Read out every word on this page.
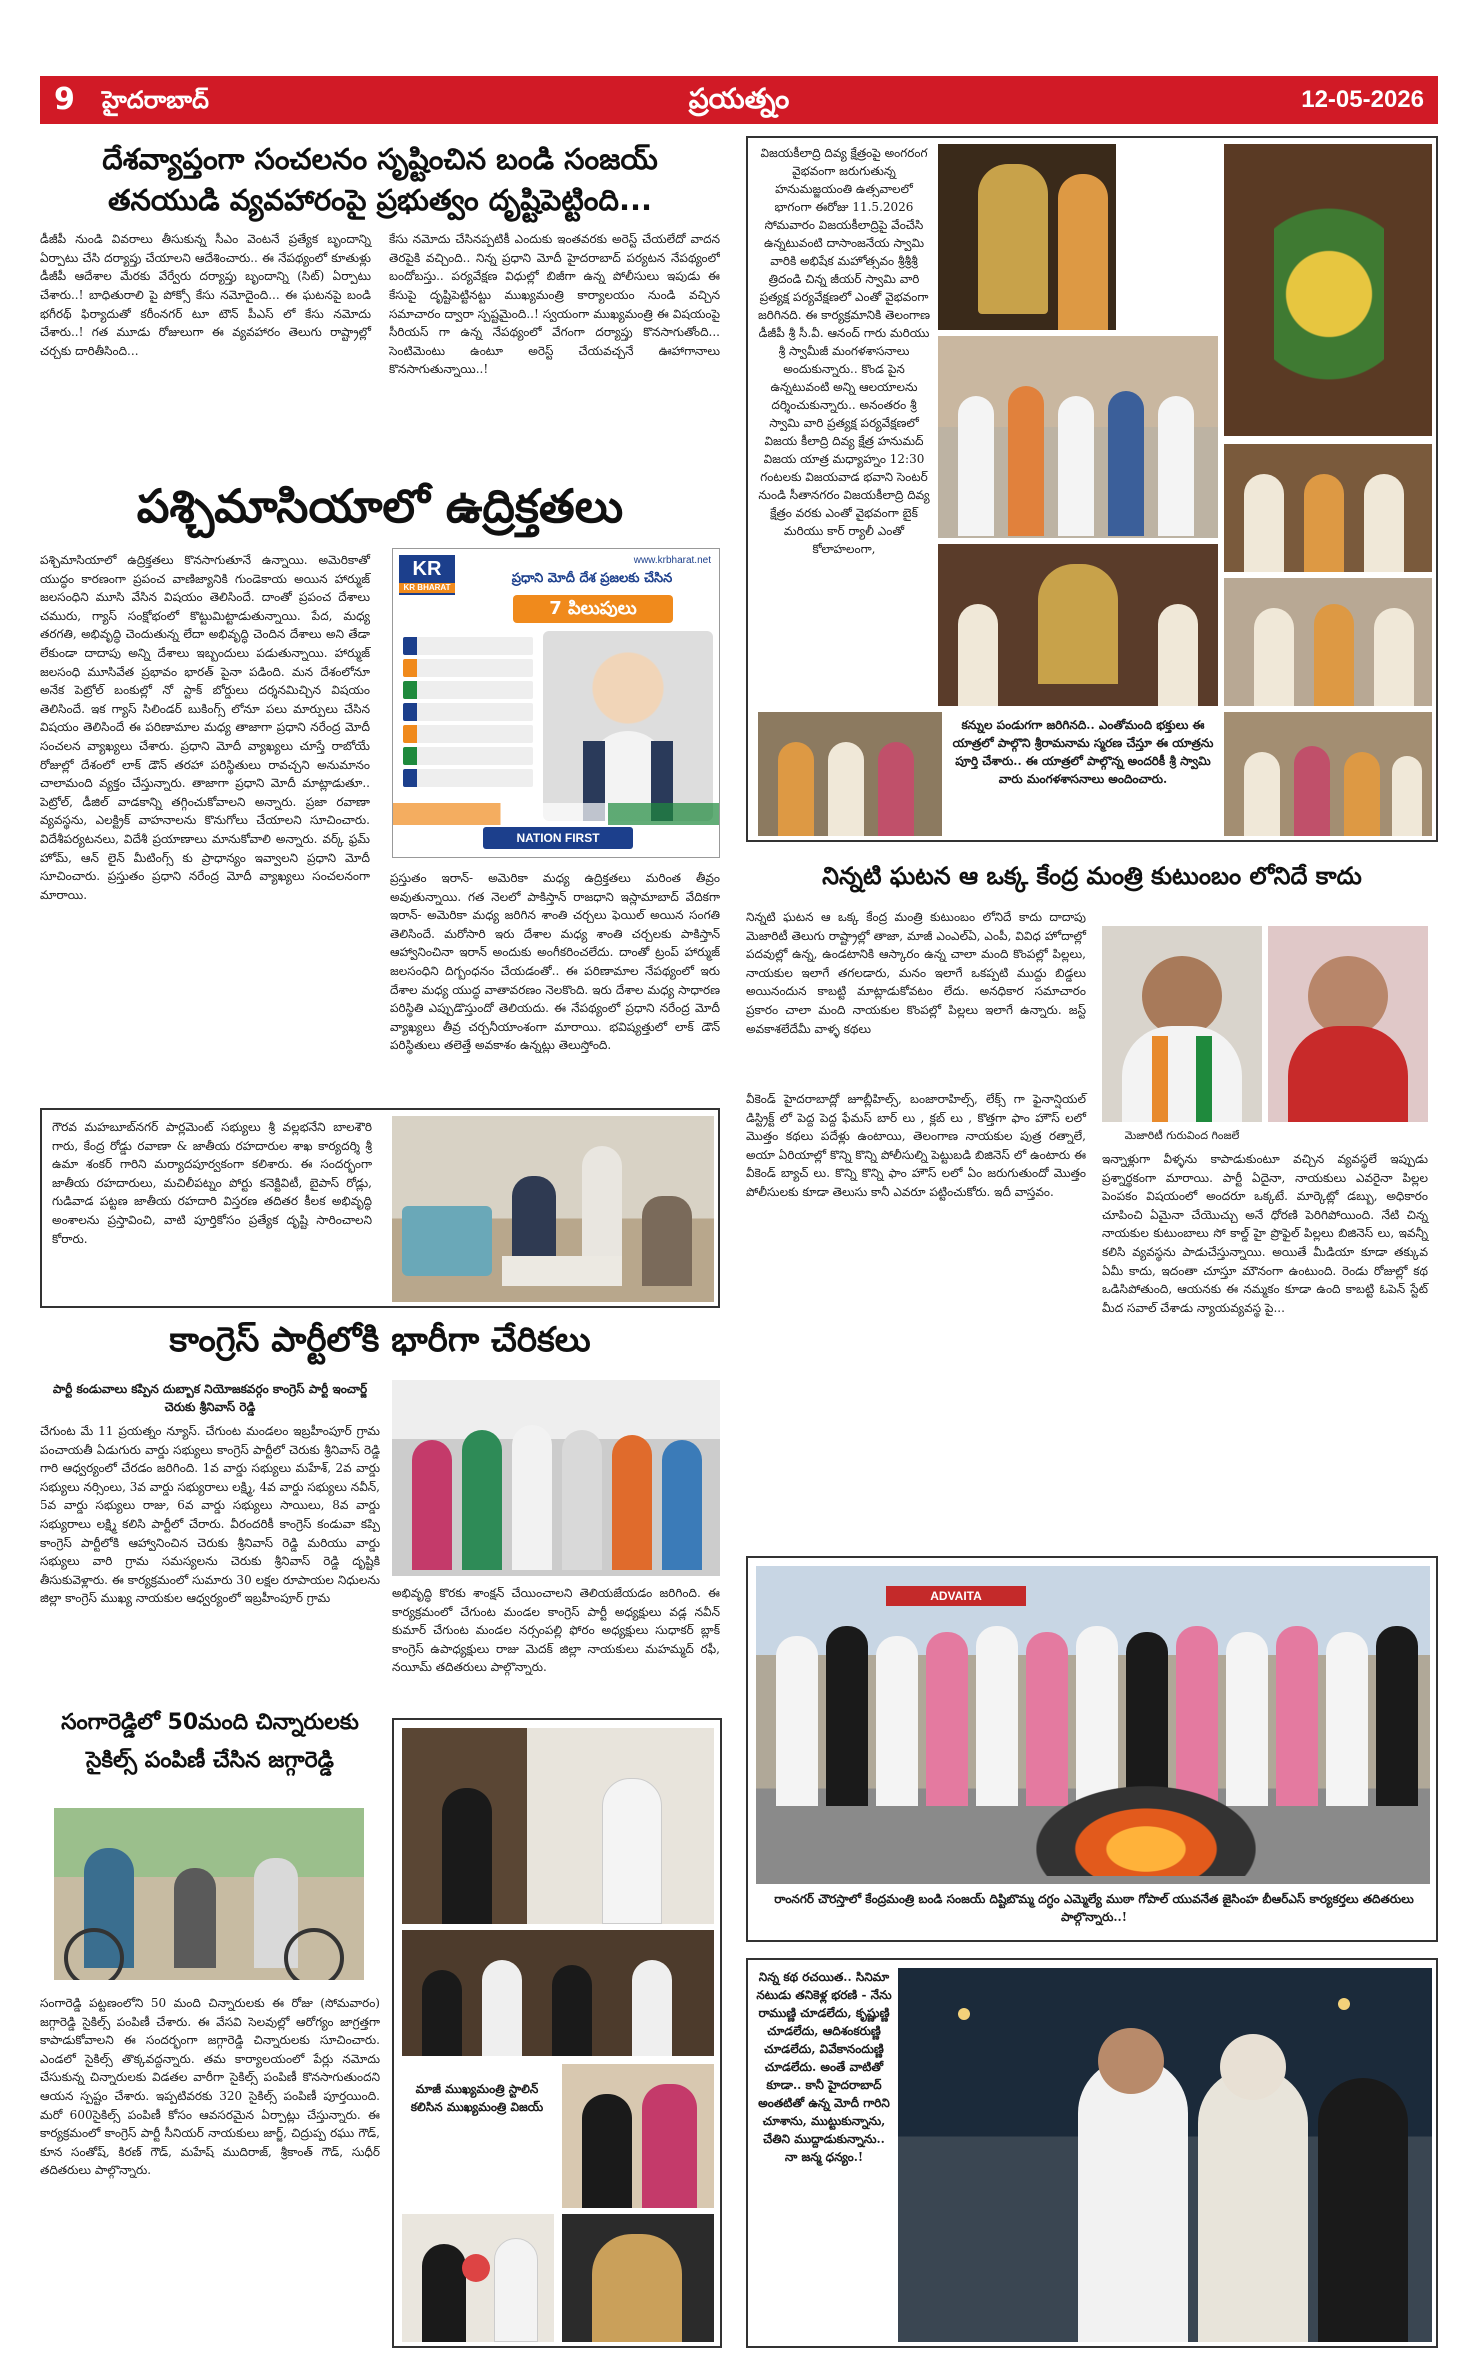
9 హైదరాబాద్	ప్రయత్నం	12-05-2026
దేశవ్యాప్తంగా సంచలనం సృష్టించిన బండి సంజయ్
తనయుడి వ్యవహారంపై ప్రభుత్వం దృష్టిపెట్టింది...
డీజీపీ నుండి వివరాలు తీసుకున్న సీఎం వెంటనే ప్రత్యేక బృందాన్ని ఏర్పాటు చేసి దర్యాప్తు చేయాలని ఆదేశించారు.. ఈ నేపథ్యంలో కూతుళ్లు డీజీపీ ఆదేశాల మేరకు వేర్వేరు దర్యాప్తు బృందాన్ని (సిట్) ఏర్పాటు చేశారు..! బాధితురాలి పై పోక్సో కేసు నమోదైంది... ఈ ఘటనపై బండి భగీరథ్ ఫిర్యాదుతో కరీంనగర్ టూ టౌన్ పీఎస్ లో కేసు నమోదు చేశారు..! గత మూడు రోజులుగా ఈ వ్యవహారం తెలుగు రాష్ట్రాల్లో చర్చకు దారితీసింది...
కేసు నమోదు చేసినప్పటికీ ఎందుకు ఇంతవరకు అరెస్ట్ చేయలేదో వాదన తెరపైకి వచ్చింది.. నిన్న ప్రధాని మోదీ హైదరాబాద్ పర్యటన నేపథ్యంలో బందోబస్తు.. పర్యవేక్షణ విధుల్లో బిజీగా ఉన్న పోలీసులు ఇపుడు ఈ కేసుపై దృష్టిపెట్టినట్టు ముఖ్యమంత్రి కార్యాలయం నుండి వచ్చిన సమాచారం ద్వారా స్పష్టమైంది..! స్వయంగా ముఖ్యమంత్రి ఈ విషయంపై సీరియస్ గా ఉన్న నేపథ్యంలో వేగంగా దర్యాప్తు కొనసాగుతోంది... సెంటిమెంటు ఉంటూ అరెస్ట్ చేయవచ్చనే ఊహాగానాలు కొనసాగుతున్నాయి..!
పశ్చిమాసియాలో ఉద్రిక్తతలు
పశ్చిమాసియాలో ఉద్రిక్తతలు కొనసాగుతూనే ఉన్నాయి. అమెరికాతో యుద్ధం కారణంగా ప్రపంచ వాణిజ్యానికి గుండెకాయ అయిన హార్ముజ్ జలసంధిని మూసి వేసిన విషయం తెలిసిందే. దాంతో ప్రపంచ దేశాలు చమురు, గ్యాస్ సంక్షోభంలో కొట్టుమిట్టాడుతున్నాయి. పేద, మధ్య తరగతి, అభివృద్ధి చెందుతున్న లేదా అభివృద్ధి చెందిన దేశాలు అని తేడా లేకుండా దాదాపు అన్ని దేశాలు ఇబ్బందులు పడుతున్నాయి. హార్ముజ్ జలసంధి మూసివేత ప్రభావం భారత్ పైనా పడింది. మన దేశంలోనూ అనేక పెట్రోల్ బంకుల్లో నో స్టాక్ బోర్డులు దర్శనమిచ్చిన విషయం తెలిసిందే. ఇక గ్యాస్ సిలిండర్ బుకింగ్స్ లోనూ పలు మార్పులు చేసిన విషయం తెలిసిందే ఈ పరిణామాల మధ్య తాజాగా ప్రధాని నరేంద్ర మోదీ సంచలన వ్యాఖ్యలు చేశారు. ప్రధాని మోదీ వ్యాఖ్యలు చూస్తే రాబోయే రోజుల్లో దేశంలో లాక్ డౌన్ తరహా పరిస్థితులు రావచ్చని అనుమానం చాలామంది వ్యక్తం చేస్తున్నారు. తాజాగా ప్రధాని మోదీ మాట్లాడుతూ.. పెట్రోల్, డీజిల్ వాడకాన్ని తగ్గించుకోవాలని అన్నారు. ప్రజా రవాణా వ్యవస్థను, ఎలక్ట్రిక్ వాహనాలను కొనుగోలు చేయాలని సూచించారు. విదేశీపర్యటనలు, విదేశీ ప్రయాణాలు మానుకోవాలి అన్నారు. వర్క్ ఫ్రమ్ హోమ్, ఆన్ లైన్ మీటింగ్స్ కు ప్రాధాన్యం ఇవ్వాలని ప్రధాని మోదీ సూచించారు. ప్రస్తుతం ప్రధాని నరేంద్ర మోదీ వ్యాఖ్యలు సంచలనంగా మారాయి.
ప్రస్తుతం ఇరాన్- అమెరికా మధ్య ఉద్రిక్తతలు మరింత తీవ్రం అవుతున్నాయి. గత నెలలో పాకిస్తాన్ రాజధాని ఇస్లామాబాద్ వేదికగా ఇరాన్- అమెరికా మధ్య జరిగిన శాంతి చర్చలు ఫెయిల్ అయిన సంగతి తెలిసిందే. మరోసారి ఇరు దేశాల మధ్య శాంతి చర్చలకు పాకిస్తాన్ ఆహ్వానించినా ఇరాన్ అందుకు అంగీకరించలేదు. దాంతో ట్రంప్ హార్ముజ్ జలసంధిని దిగ్బంధనం చేయడంతో.. ఈ పరిణామాల నేపథ్యంలో ఇరు దేశాల మధ్య యుద్ధ వాతావరణం నెలకొంది. ఇరు దేశాల మధ్య సాధారణ పరిస్థితి ఎప్పుడొస్తుందో తెలియదు. ఈ నేపథ్యంలో ప్రధాని నరేంద్ర మోదీ వ్యాఖ్యలు తీవ్ర చర్చనీయాంశంగా మారాయి. భవిష్యత్తులో లాక్ డౌన్ పరిస్థితులు తలెత్తే అవకాశం ఉన్నట్లు తెలుస్తోంది.
KR
KR BHARAT
www.krbharat.net
ప్రధాని మోదీ దేశ ప్రజలకు చేసిన
7 పిలుపులు
NATION FIRST
గౌరవ మహబూబ్‌నగర్ పార్లమెంట్ సభ్యులు శ్రీ వల్లభనేని బాలశౌరి గారు, కేంద్ర రోడ్డు రవాణా & జాతీయ రహదారుల శాఖ కార్యదర్శి శ్రీ ఉమా శంకర్ గారిని మర్యాదపూర్వకంగా కలిశారు. ఈ సందర్భంగా జాతీయ రహదారులు, మచిలీపట్నం పోర్టు కనెక్టివిటీ, బైపాస్ రోడ్లు, గుడివాడ పట్టణ జాతీయ రహదారి విస్తరణ తదితర కీలక అభివృద్ధి అంశాలను ప్రస్తావించి, వాటి పూర్తికోసం ప్రత్యేక దృష్టి సారించాలని కోరారు.
కాంగ్రెస్ పార్టీలోకి భారీగా చేరికలు
పార్టీ కండువాలు కప్పిన దుబ్బాక నియోజకవర్గం కాంగ్రెస్ పార్టీ ఇంచార్జ్ చెరుకు శ్రీనివాస్ రెడ్డి
చేగుంట మే 11 ప్రయత్నం న్యూస్. చేగుంట మండలం ఇబ్రహీంపూర్ గ్రామ పంచాయతీ ఏడుగురు వార్డు సభ్యులు కాంగ్రెస్ పార్టీలో చెరుకు శ్రీనివాస్ రెడ్డి గారి ఆధ్వర్యంలో చేరడం జరిగింది. 1వ వార్డు సభ్యులు మహేశ్, 2వ వార్డు సభ్యులు నర్సింలు, 3వ వార్డు సభ్యురాలు లక్ష్మి, 4వ వార్డు సభ్యులు నవీన్, 5వ వార్డు సభ్యులు రాజు, 6వ వార్డు సభ్యులు సాయిలు, 8వ వార్డు సభ్యురాలు లక్ష్మి కలిసి పార్టీలో చేరారు. వీరందరికీ కాంగ్రెస్ కండువా కప్పి కాంగ్రెస్ పార్టీలోకి ఆహ్వానించిన చెరుకు శ్రీనివాస్ రెడ్డి మరియు వార్డు సభ్యులు వారి గ్రామ సమస్యలను చెరుకు శ్రీనివాస్ రెడ్డి దృష్టికి తీసుకువెళ్లారు. ఈ కార్యక్రమంలో సుమారు 30 లక్షల రూపాయల నిధులను జిల్లా కాంగ్రెస్ ముఖ్య నాయకుల ఆధ్వర్యంలో ఇబ్రహీంపూర్ గ్రామ	అభివృద్ధి కొరకు శాంక్షన్ చేయించాలని తెలియజేయడం జరిగింది. ఈ కార్యక్రమంలో చేగుంట మండల కాంగ్రెస్ పార్టీ అధ్యక్షులు వడ్ల నవీన్ కుమార్ చేగుంట మండల నర్సంపల్లి ఫోరం అధ్యక్షులు సుధాకర్ బ్లాక్ కాంగ్రెస్ ఉపాధ్యక్షులు రాజు మెదక్ జిల్లా నాయకులు మహమ్మద్ రఫీ, నయీమ్ తదితరులు పాల్గొన్నారు.
సంగారెడ్డిలో 50మంది చిన్నారులకు
సైకిల్స్ పంపిణీ చేసిన జగ్గారెడ్డి
సంగారెడ్డి పట్టణంలోని 50 మంది చిన్నారులకు ఈ రోజు (సోమవారం) జగ్గారెడ్డి సైకిల్స్ పంపిణీ చేశారు. ఈ వేసవి సెలవుల్లో ఆరోగ్యం జాగ్రత్తగా కాపాడుకోవాలని ఈ సందర్భంగా జగ్గారెడ్డి చిన్నారులకు సూచించారు. ఎండలో సైకిల్స్ తొక్కవద్దన్నారు. తమ కార్యాలయంలో పేర్లు నమోదు చేసుకున్న చిన్నారులకు విడతల వారీగా సైకిల్స్ పంపిణీ కొనసాగుతుందని ఆయన స్పష్టం చేశారు. ఇప్పటివరకు 320 సైకిల్స్ పంపిణీ పూర్తయింది. మరో 600సైకిల్స్ పంపిణీ కోసం ఆవసరమైన ఏర్పాట్లు చేస్తున్నారు. ఈ కార్యక్రమంలో కాంగ్రెస్ పార్టీ సీనియర్ నాయకులు జార్జ్, చిద్రుప్ప రఘు గౌడ్, కూన సంతోష్, కిరణ్ గౌడ్, మహేష్ ముదిరాజ్, శ్రీకాంత్ గౌడ్, సుధీర్ తదితరులు పాల్గొన్నారు.
మాజీ ముఖ్యమంత్రి స్టాలిన్ కలిసిన ముఖ్యమంత్రి విజయ్
విజయకీలాద్రి దివ్య క్షేత్రంపై అంగరంగ వైభవంగా జరుగుతున్న హనుమజ్జయంతి ఉత్సవాలలో భాగంగా ఈరోజు 11.5.2026 సోమవారం విజయకీలాద్రిపై వేంచేసి ఉన్నటువంటి దాసాంజనేయ స్వామి వారికి అభిషేక మహోత్సవం శ్రీశ్రీశ్రీ త్రిదండి చిన్న జీయర్ స్వామి వారి ప్రత్యక్ష పర్యవేక్షణలో ఎంతో వైభవంగా జరిగినది. ఈ కార్యక్రమానికి తెలంగాణ డీజీపీ శ్రీ సీ.వీ. ఆనంద్ గారు మరియు శ్రీ స్వామీజీ మంగళశాసనాలు అందుకున్నారు.. కొండ పైన ఉన్నటువంటి అన్ని ఆలయాలను దర్శించుకున్నారు.. అనంతరం శ్రీ స్వామి వారి ప్రత్యక్ష పర్యవేక్షణలో విజయ కీలాద్రి దివ్య క్షేత్ర హనుమద్ విజయ యాత్ర మధ్యాహ్నం 12:30 గంటలకు విజయవాడ భవాని సెంటర్ నుండి సీతానగరం విజయకీలాద్రి దివ్య క్షేత్రం వరకు ఎంతో వైభవంగా బైక్ మరియు కార్ ర్యాలీ ఎంతో కోలాహలంగా,
కన్నుల పండుగగా జరిగినది.. ఎంతోమంది భక్తులు ఈ యాత్రలో పాల్గొని శ్రీరామనామ స్మరణ చేస్తూ ఈ యాత్రను పూర్తి చేశారు.. ఈ యాత్రలో పాల్గొన్న అందరికీ శ్రీ స్వామి వారు మంగళశాసనాలు అందించారు.
నిన్నటి ఘటన ఆ ఒక్క కేంద్ర మంత్రి కుటుంబం లోనిదే కాదు
నిన్నటి ఘటన ఆ ఒక్క కేంద్ర మంత్రి కుటుంబం లోనిదే కాదు దాదాపు మెజారిటీ తెలుగు రాష్ట్రాల్లో తాజా, మాజీ ఎంఎల్‌ఏ, ఎంపీ, వివిధ హోదాల్లో పదవుల్లో ఉన్న, ఉండటానికి ఆస్కారం ఉన్న చాలా మంది కొంపల్లో పిల్లలు, నాయకుల ఇలాగే తగలడారు, మనం ఇలాగే ఒకప్పటి ముద్దు బిడ్డలు అయినందున కాబట్టి మాట్లాడుకోవటం లేదు. అనధికార సమాచారం ప్రకారం చాలా మంది నాయకుల కొంపల్లో పిల్లలు ఇలాగే ఉన్నారు. జస్ట్ అవకాశలేదేమీ వాళ్ళ కథలు
వీకెండ్ హైదరాబాద్లో జూబ్లీహిల్స్, బంజారాహిల్స్, లేక్స్ గా ఫైనాన్షియల్ డిస్ట్రిక్ట్ లో పెద్ద పెద్ద ఫేమస్ బార్ లు , క్లబ్ లు , కొత్తగా ఫాం హౌస్ లలో మొత్తం కథలు పదేళ్లు ఉంటాయి, తెలంగాణ నాయకుల పుత్ర రత్నాలే, అయా ఏరియాల్లో కొన్ని కొన్ని పోలీసుల్ని పెట్టుబడి బిజినెస్ లో ఉంటారు ఈ వీకెండ్ బ్యాచ్ లు. కొన్ని కొన్ని ఫాం హౌస్ లలో ఏం జరుగుతుందో మొత్తం పోలీసులకు కూడా తెలుసు కానీ ఎవరూ పట్టించుకోరు. ఇదీ వాస్తవం.
మెజారిటీ గురువింద గింజలే
ఇన్నాళ్లుగా వీళ్ళను కాపాడుకుంటూ వచ్చిన వ్యవస్థలే ఇప్పుడు ప్రశ్నార్థకంగా మారాయి. పార్టీ ఏదైనా, నాయకులు ఎవరైనా పిల్లల పెంపకం విషయంలో అందరూ ఒక్కటే. మార్కెట్లో డబ్బు, అధికారం చూపించి ఏమైనా చేయొచ్చు అనే ధోరణి పెరిగిపోయింది. నేటి చిన్న నాయకుల కుటుంబాలు సో కాల్డ్ హై ప్రొఫైల్ పిల్లలు బిజినెస్ లు, ఇవన్నీ కలిసి వ్యవస్థను పాడుచేస్తున్నాయి. అయితే మీడియా కూడా తక్కువ ఏమీ కాదు, ఇదంతా చూస్తూ మౌనంగా ఉంటుంది. రెండు రోజుల్లో కథ ఒడిసిపోతుంది, ఆయనకు ఈ నమ్మకం కూడా ఉంది కాబట్టి ఓపెన్ స్టేట్ మీద సవాల్ చేశాడు న్యాయవ్యవస్థ పై...
ADVAITA
రాంనగర్ చౌరస్తాలో కేంద్రమంత్రి బండి సంజయ్ దిష్టిబొమ్మ దగ్ధం ఎమ్మెల్యే ముఠా గోపాల్ యువనేత జైసింహ బీఆర్ఎస్ కార్యకర్తలు తదితరులు పాల్గొన్నారు..!
నిన్న కథ రచయిత.. సినిమా నటుడు తనికెళ్ల భరణి - నేను రాముణ్ణి చూడలేదు, కృష్ణుణ్ణి చూడలేదు, ఆదిశంకరుణ్ణి చూడలేదు, వివేకానందుణ్ణి చూడలేదు. అంతే వాటితో కూడా.. కానీ హైదరాబాద్ అంతటితో ఉన్న మోదీ గారిని చూశాను, ముట్టుకున్నాను, చేతిని ముద్దాడుకున్నాను.. నా జన్మ ధన్యం.!
